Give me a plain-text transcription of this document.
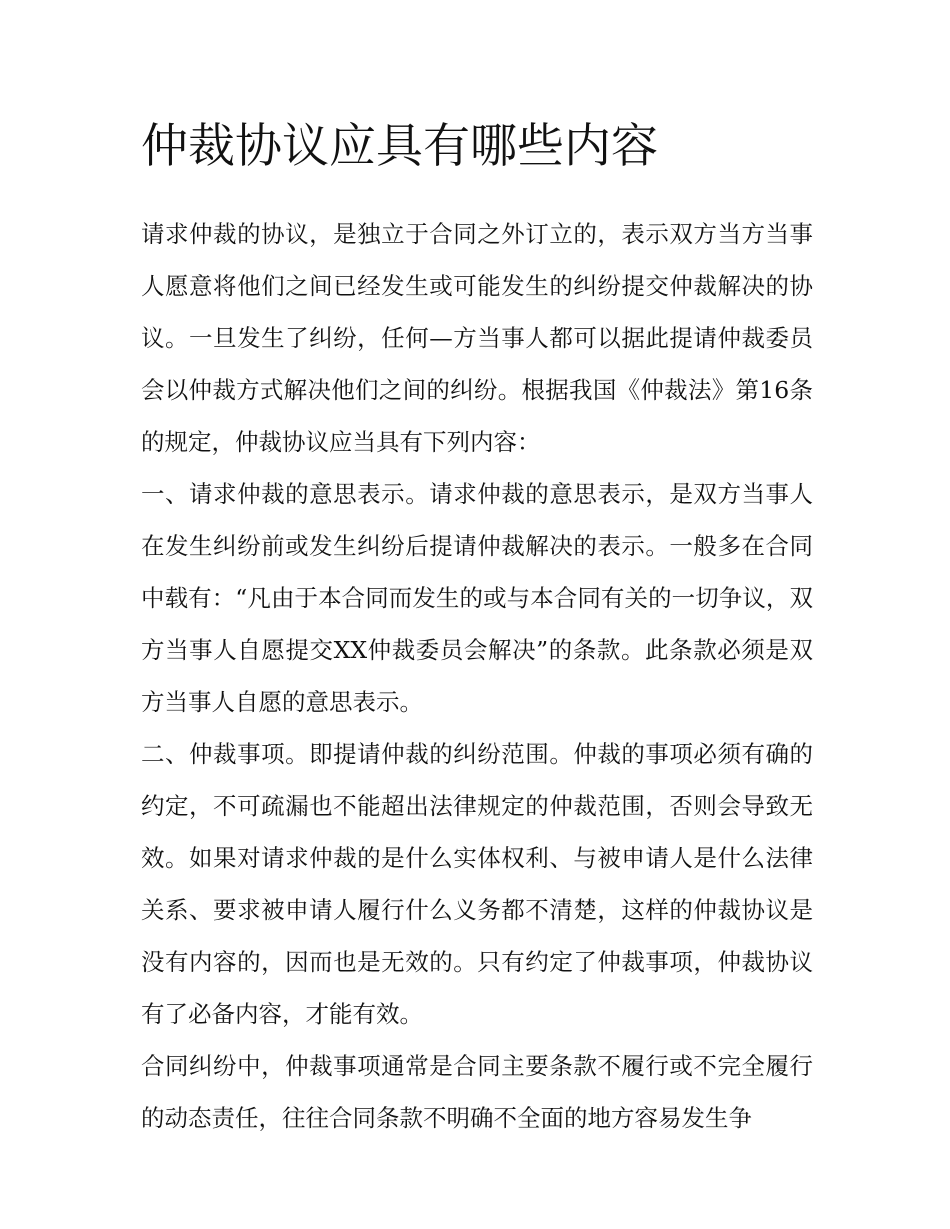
仲裁协议应具有哪些内容

请求仲裁的协议，是独立于合同之外订立的，表示双方当方当事人愿意将他们之间已经发生或可能发生的纠纷提交仲裁解决的协议。一旦发生了纠纷，任何—方当事人都可以据此提请仲裁委员会以仲裁方式解决他们之间的纠纷。根据我国《仲裁法》第16条的规定，仲裁协议应当具有下列内容：

一、请求仲裁的意思表示。请求仲裁的意思表示，是双方当事人在发生纠纷前或发生纠纷后提请仲裁解决的表示。一般多在合同中载有：“凡由于本合同而发生的或与本合同有关的一切争议，双方当事人自愿提交XX仲裁委员会解决”的条款。此条款必须是双方当事人自愿的意思表示。

二、仲裁事项。即提请仲裁的纠纷范围。仲裁的事项必须有确的约定，不可疏漏也不能超出法律规定的仲裁范围，否则会导致无效。如果对请求仲裁的是什么实体权利、与被申请人是什么法律关系、要求被申请人履行什么义务都不清楚，这样的仲裁协议是没有内容的，因而也是无效的。只有约定了仲裁事项，仲裁协议有了必备内容，才能有效。

合同纠纷中，仲裁事项通常是合同主要条款不履行或不完全履行的动态责任，往往合同条款不明确不全面的地方容易发生争
